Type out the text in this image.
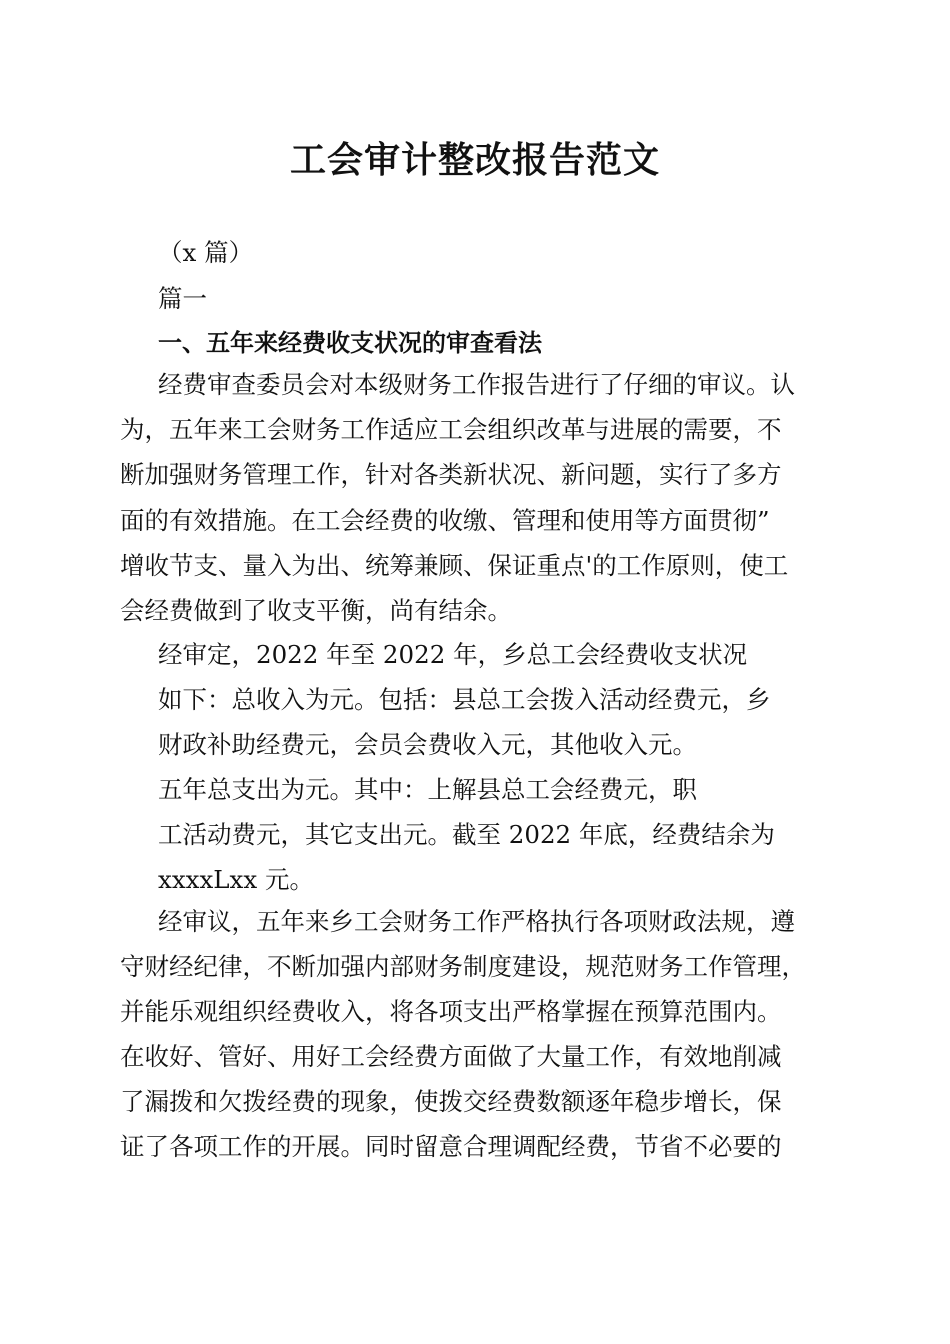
工会审计整改报告范文
（x 篇）
篇一
一、五年来经费收支状况的审查看法
经费审查委员会对本级财务工作报告进行了仔细的审议。认
为，五年来工会财务工作适应工会组织改革与进展的需要，不
断加强财务管理工作，针对各类新状况、新问题，实行了多方
面的有效措施。在工会经费的收缴、管理和使用等方面贯彻”
增收节支、量入为出、统筹兼顾、保证重点'的工作原则，使工
会经费做到了收支平衡，尚有结余。
经审定，2022 年至 2022 年，乡总工会经费收支状况
如下：总收入为元。包括：县总工会拨入活动经费元，乡
财政补助经费元，会员会费收入元，其他收入元。
五年总支出为元。其中：上解县总工会经费元，职
工活动费元，其它支出元。截至 2022 年底，经费结余为
xxxxLxx 元。
经审议，五年来乡工会财务工作严格执行各项财政法规，遵
守财经纪律，不断加强内部财务制度建设，规范财务工作管理，
并能乐观组织经费收入，将各项支出严格掌握在预算范围内。
在收好、管好、用好工会经费方面做了大量工作，有效地削减
了漏拨和欠拨经费的现象，使拨交经费数额逐年稳步增长，保
证了各项工作的开展。同时留意合理调配经费，节省不必要的
